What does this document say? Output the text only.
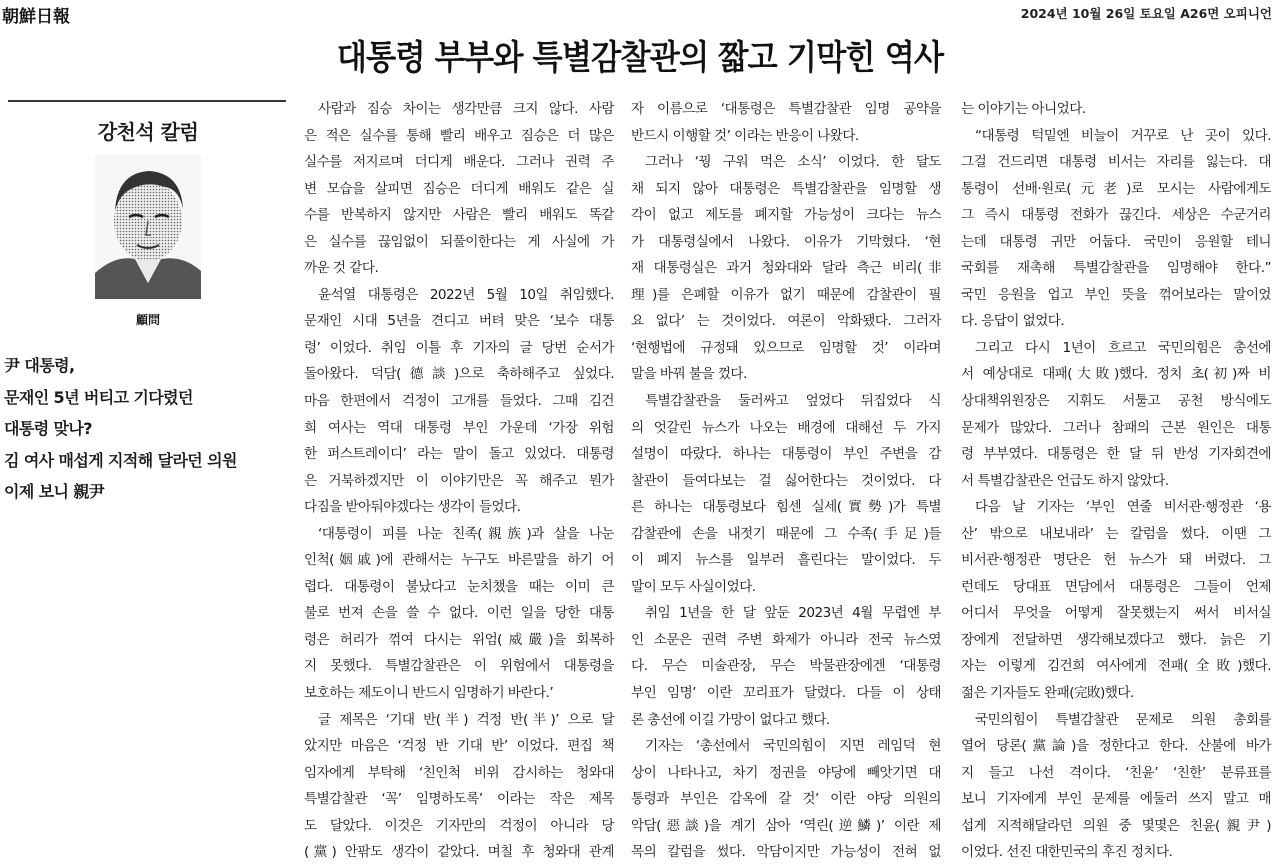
朝鮮日報	2024년 10월 26일 토요일 A26면 오피니언
대통령 부부와 특별감찰관의 짧고 기막힌 역사
강천석 칼럼
顧問
尹 대통령,
문재인 5년 버티고 기다렸던
대통령 맞나?
김 여사 매섭게 지적해 달라던 의원
이제 보니 親尹
사람과 짐승 차이는 생각만큼 크지 않다. 사람
은 적은 실수를 통해 빨리 배우고 짐승은 더 많은
실수를 저지르며 더디게 배운다. 그러나 권력 주
변 모습을 살피면 짐승은 더디게 배워도 같은 실
수를 반복하지 않지만 사람은 빨리 배워도 똑같
은 실수를 끊임없이 되풀이한다는 게 사실에 가
까운 것 같다.
윤석열 대통령은 2022년 5월 10일 취임했다.
문재인 시대 5년을 견디고 버텨 맞은 ‘보수 대통
령’ 이었다. 취임 이틀 후 기자의 글 당번 순서가
돌아왔다. 덕담(德談)으로 축하해주고 싶었다.
마음 한편에서 걱정이 고개를 들었다. 그때 김건
희 여사는 역대 대통령 부인 가운데 ‘가장 위험
한 퍼스트레이디’ 라는 말이 돌고 있었다. 대통령
은 거북하겠지만 이 이야기만은 꼭 해주고 뭔가
다짐을 받아둬야겠다는 생각이 들었다.
‘대통령이 피를 나눈 친족(親族)과 살을 나눈
인척(姻戚)에 관해서는 누구도 바른말을 하기 어
렵다. 대통령이 불났다고 눈치챘을 때는 이미 큰
불로 번져 손을 쓸 수 없다. 이런 일을 당한 대통
령은 허리가 꺾여 다시는 위엄(威嚴)을 회복하
지 못했다. 특별감찰관은 이 위험에서 대통령을
보호하는 제도이니 반드시 임명하기 바란다.’
글 제목은 ‘기대 반(半) 걱정 반(半)’ 으로 달
았지만 마음은 ‘걱정 반 기대 반’ 이었다. 편집 책
임자에게 부탁해 ‘친인척 비위 감시하는 청와대
특별감찰관 ‘꼭’ 임명하도록’ 이라는 작은 제목
도 달았다. 이것은 기자만의 걱정이 아니라 당
(黨) 안팎도 생각이 같았다. 며칠 후 청와대 관계
자 이름으로 ‘대통령은 특별감찰관 임명 공약을
반드시 이행할 것’ 이라는 반응이 나왔다.
그러나 ‘꿩 구워 먹은 소식’ 이었다. 한 달도
채 되지 않아 대통령은 특별감찰관을 임명할 생
각이 없고 제도를 폐지할 가능성이 크다는 뉴스
가 대통령실에서 나왔다. 이유가 기막혔다. ‘현
재 대통령실은 과거 청와대와 달라 측근 비리(非
理)를 은폐할 이유가 없기 때문에 감찰관이 필
요 없다’ 는 것이었다. 여론이 악화됐다. 그러자
‘현행법에 규정돼 있으므로 임명할 것’ 이라며
말을 바꿔 불을 껐다.
특별감찰관을 둘러싸고 엎었다 뒤집었다 식
의 엇갈린 뉴스가 나오는 배경에 대해선 두 가지
설명이 따랐다. 하나는 대통령이 부인 주변을 감
찰관이 들여다보는 걸 싫어한다는 것이었다. 다
른 하나는 대통령보다 힘센 실세(實勢)가 특별
감찰관에 손을 내젓기 때문에 그 수족(手足)들
이 폐지 뉴스를 일부러 흘린다는 말이었다. 두
말이 모두 사실이었다.
취임 1년을 한 달 앞둔 2023년 4월 무렵엔 부
인 소문은 권력 주변 화제가 아니라 전국 뉴스였
다. 무슨 미술관장, 무슨 박물관장에겐 ‘대통령
부인 임명’ 이란 꼬리표가 달렸다. 다들 이 상태
론 총선에 이길 가망이 없다고 했다.
기자는 ‘총선에서 국민의힘이 지면 레임덕 현
상이 나타나고, 차기 정권을 야당에 빼앗기면 대
통령과 부인은 감옥에 갈 것’ 이란 야당 의원의
악담(惡談)을 계기 삼아 ‘역린(逆鱗)’ 이란 제
목의 칼럼을 썼다. 악담이지만 가능성이 전혀 없
는 이야기는 아니었다.
“대통령 턱밑엔 비늘이 거꾸로 난 곳이 있다.
그걸 건드리면 대통령 비서는 자리를 잃는다. 대
통령이 선배·원로(元老)로 모시는 사람에게도
그 즉시 대통령 전화가 끊긴다. 세상은 수군거리
는데 대통령 귀만 어둡다. 국민이 응원할 테니
국회를 재촉해 특별감찰관을 임명해야 한다.”
국민 응원을 업고 부인 뜻을 꺾어보라는 말이었
다. 응답이 없었다.
그리고 다시 1년이 흐르고 국민의힘은 총선에
서 예상대로 대패(大敗)했다. 정치 초(初)짜 비
상대책위원장은 지휘도 서툴고 공천 방식에도
문제가 많았다. 그러나 참패의 근본 원인은 대통
령 부부였다. 대통령은 한 달 뒤 반성 기자회견에
서 특별감찰관은 언급도 하지 않았다.
다음 날 기자는 ‘부인 연줄 비서관·행정관 ‘용
산’ 밖으로 내보내라’ 는 칼럼을 썼다. 이땐 그
비서관·행정관 명단은 헌 뉴스가 돼 버렸다. 그
런데도 당대표 면담에서 대통령은 그들이 언제
어디서 무엇을 어떻게 잘못했는지 써서 비서실
장에게 전달하면 생각해보겠다고 했다. 늙은 기
자는 이렇게 김건희 여사에게 전패(全敗)했다.
젊은 기자들도 완패(完敗)했다.
국민의힘이 특별감찰관 문제로 의원 총회를
열어 당론(黨論)을 정한다고 한다. 산불에 바가
지 들고 나선 격이다. ‘친윤’ ‘친한’ 분류표를
보니 기자에게 부인 문제를 에둘러 쓰지 말고 매
섭게 지적해달라던 의원 중 몇몇은 친윤(親尹)
이었다. 선진 대한민국의 후진 정치다.
